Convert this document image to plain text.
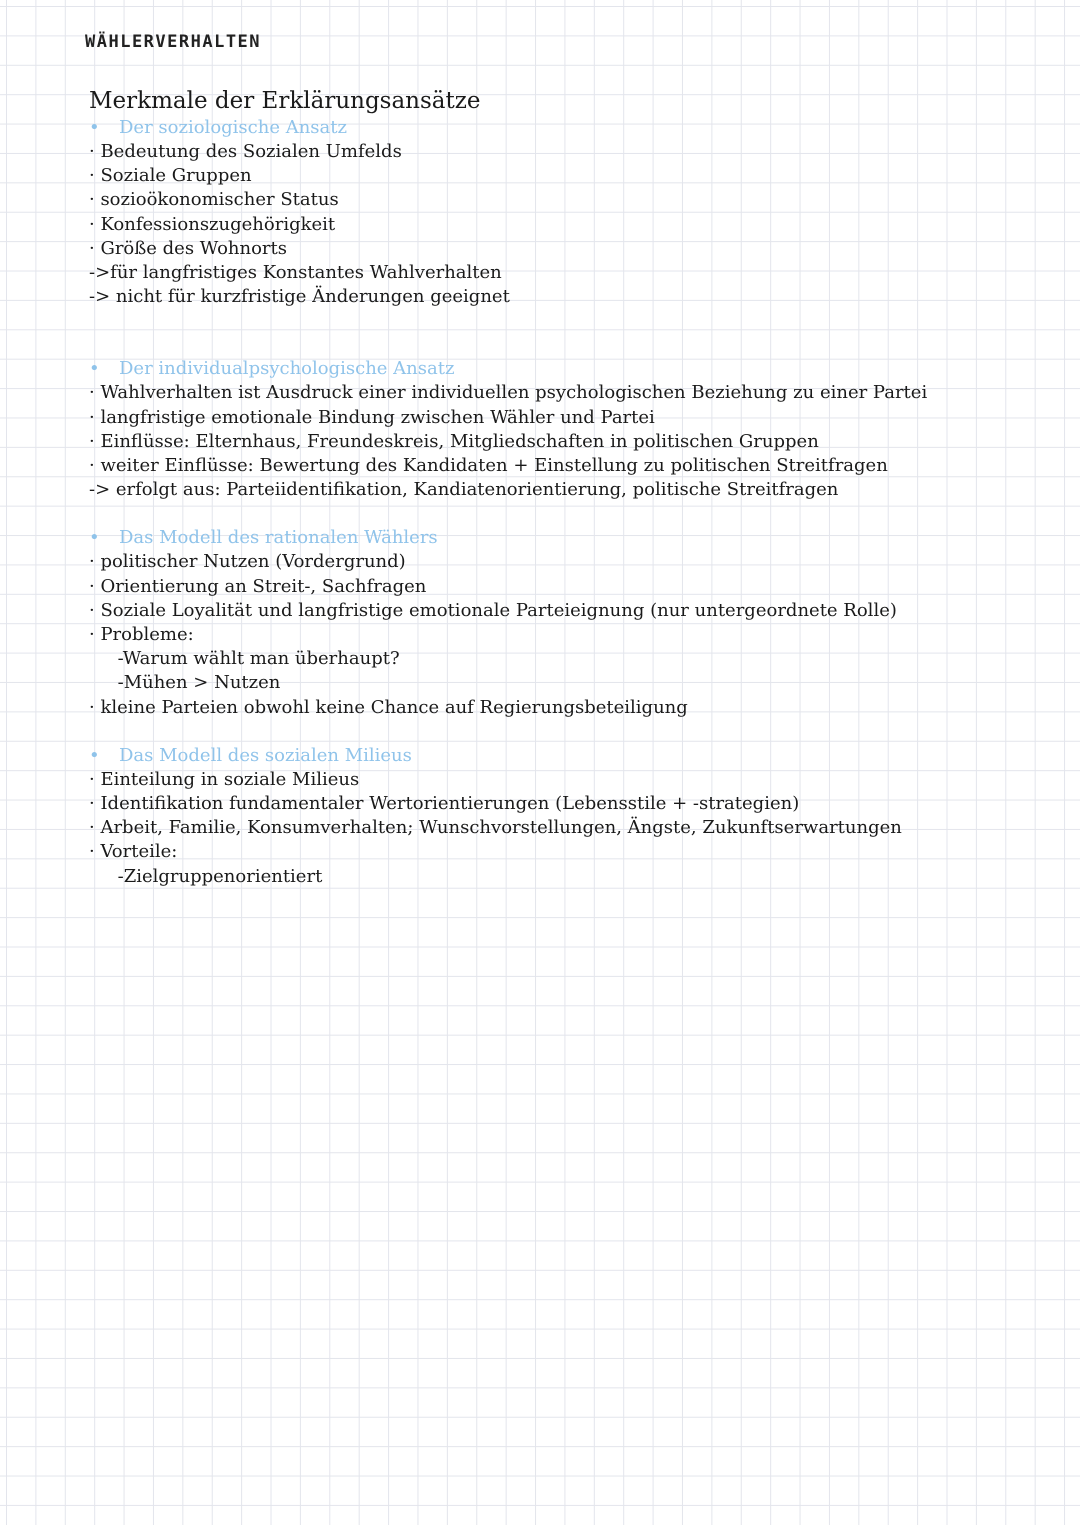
WÄHLERVERHALTEN
Merkmale der Erklärungsansätze
• Der soziologische Ansatz
· Bedeutung des Sozialen Umfelds
· Soziale Gruppen
· sozioökonomischer Status
· Konfessionszugehörigkeit
· Größe des Wohnorts
->für langfristiges Konstantes Wahlverhalten
-> nicht für kurzfristige Änderungen geeignet
• Der individualpsychologische Ansatz
· Wahlverhalten ist Ausdruck einer individuellen psychologischen Beziehung zu einer Partei
· langfristige emotionale Bindung zwischen Wähler und Partei
· Einflüsse: Elternhaus, Freundeskreis, Mitgliedschaften in politischen Gruppen
· weiter Einflüsse: Bewertung des Kandidaten + Einstellung zu politischen Streitfragen
-> erfolgt aus: Parteiidentifikation, Kandiatenorientierung, politische Streitfragen
• Das Modell des rationalen Wählers
· politischer Nutzen (Vordergrund)
· Orientierung an Streit-, Sachfragen
· Soziale Loyalität und langfristige emotionale Parteieignung (nur untergeordnete Rolle)
· Probleme:
-Warum wählt man überhaupt?
-Mühen > Nutzen
· kleine Parteien obwohl keine Chance auf Regierungsbeteiligung
• Das Modell des sozialen Milieus
· Einteilung in soziale Milieus
· Identifikation fundamentaler Wertorientierungen (Lebensstile + -strategien)
· Arbeit, Familie, Konsumverhalten; Wunschvorstellungen, Ängste, Zukunftserwartungen
· Vorteile:
-Zielgruppenorientiert
